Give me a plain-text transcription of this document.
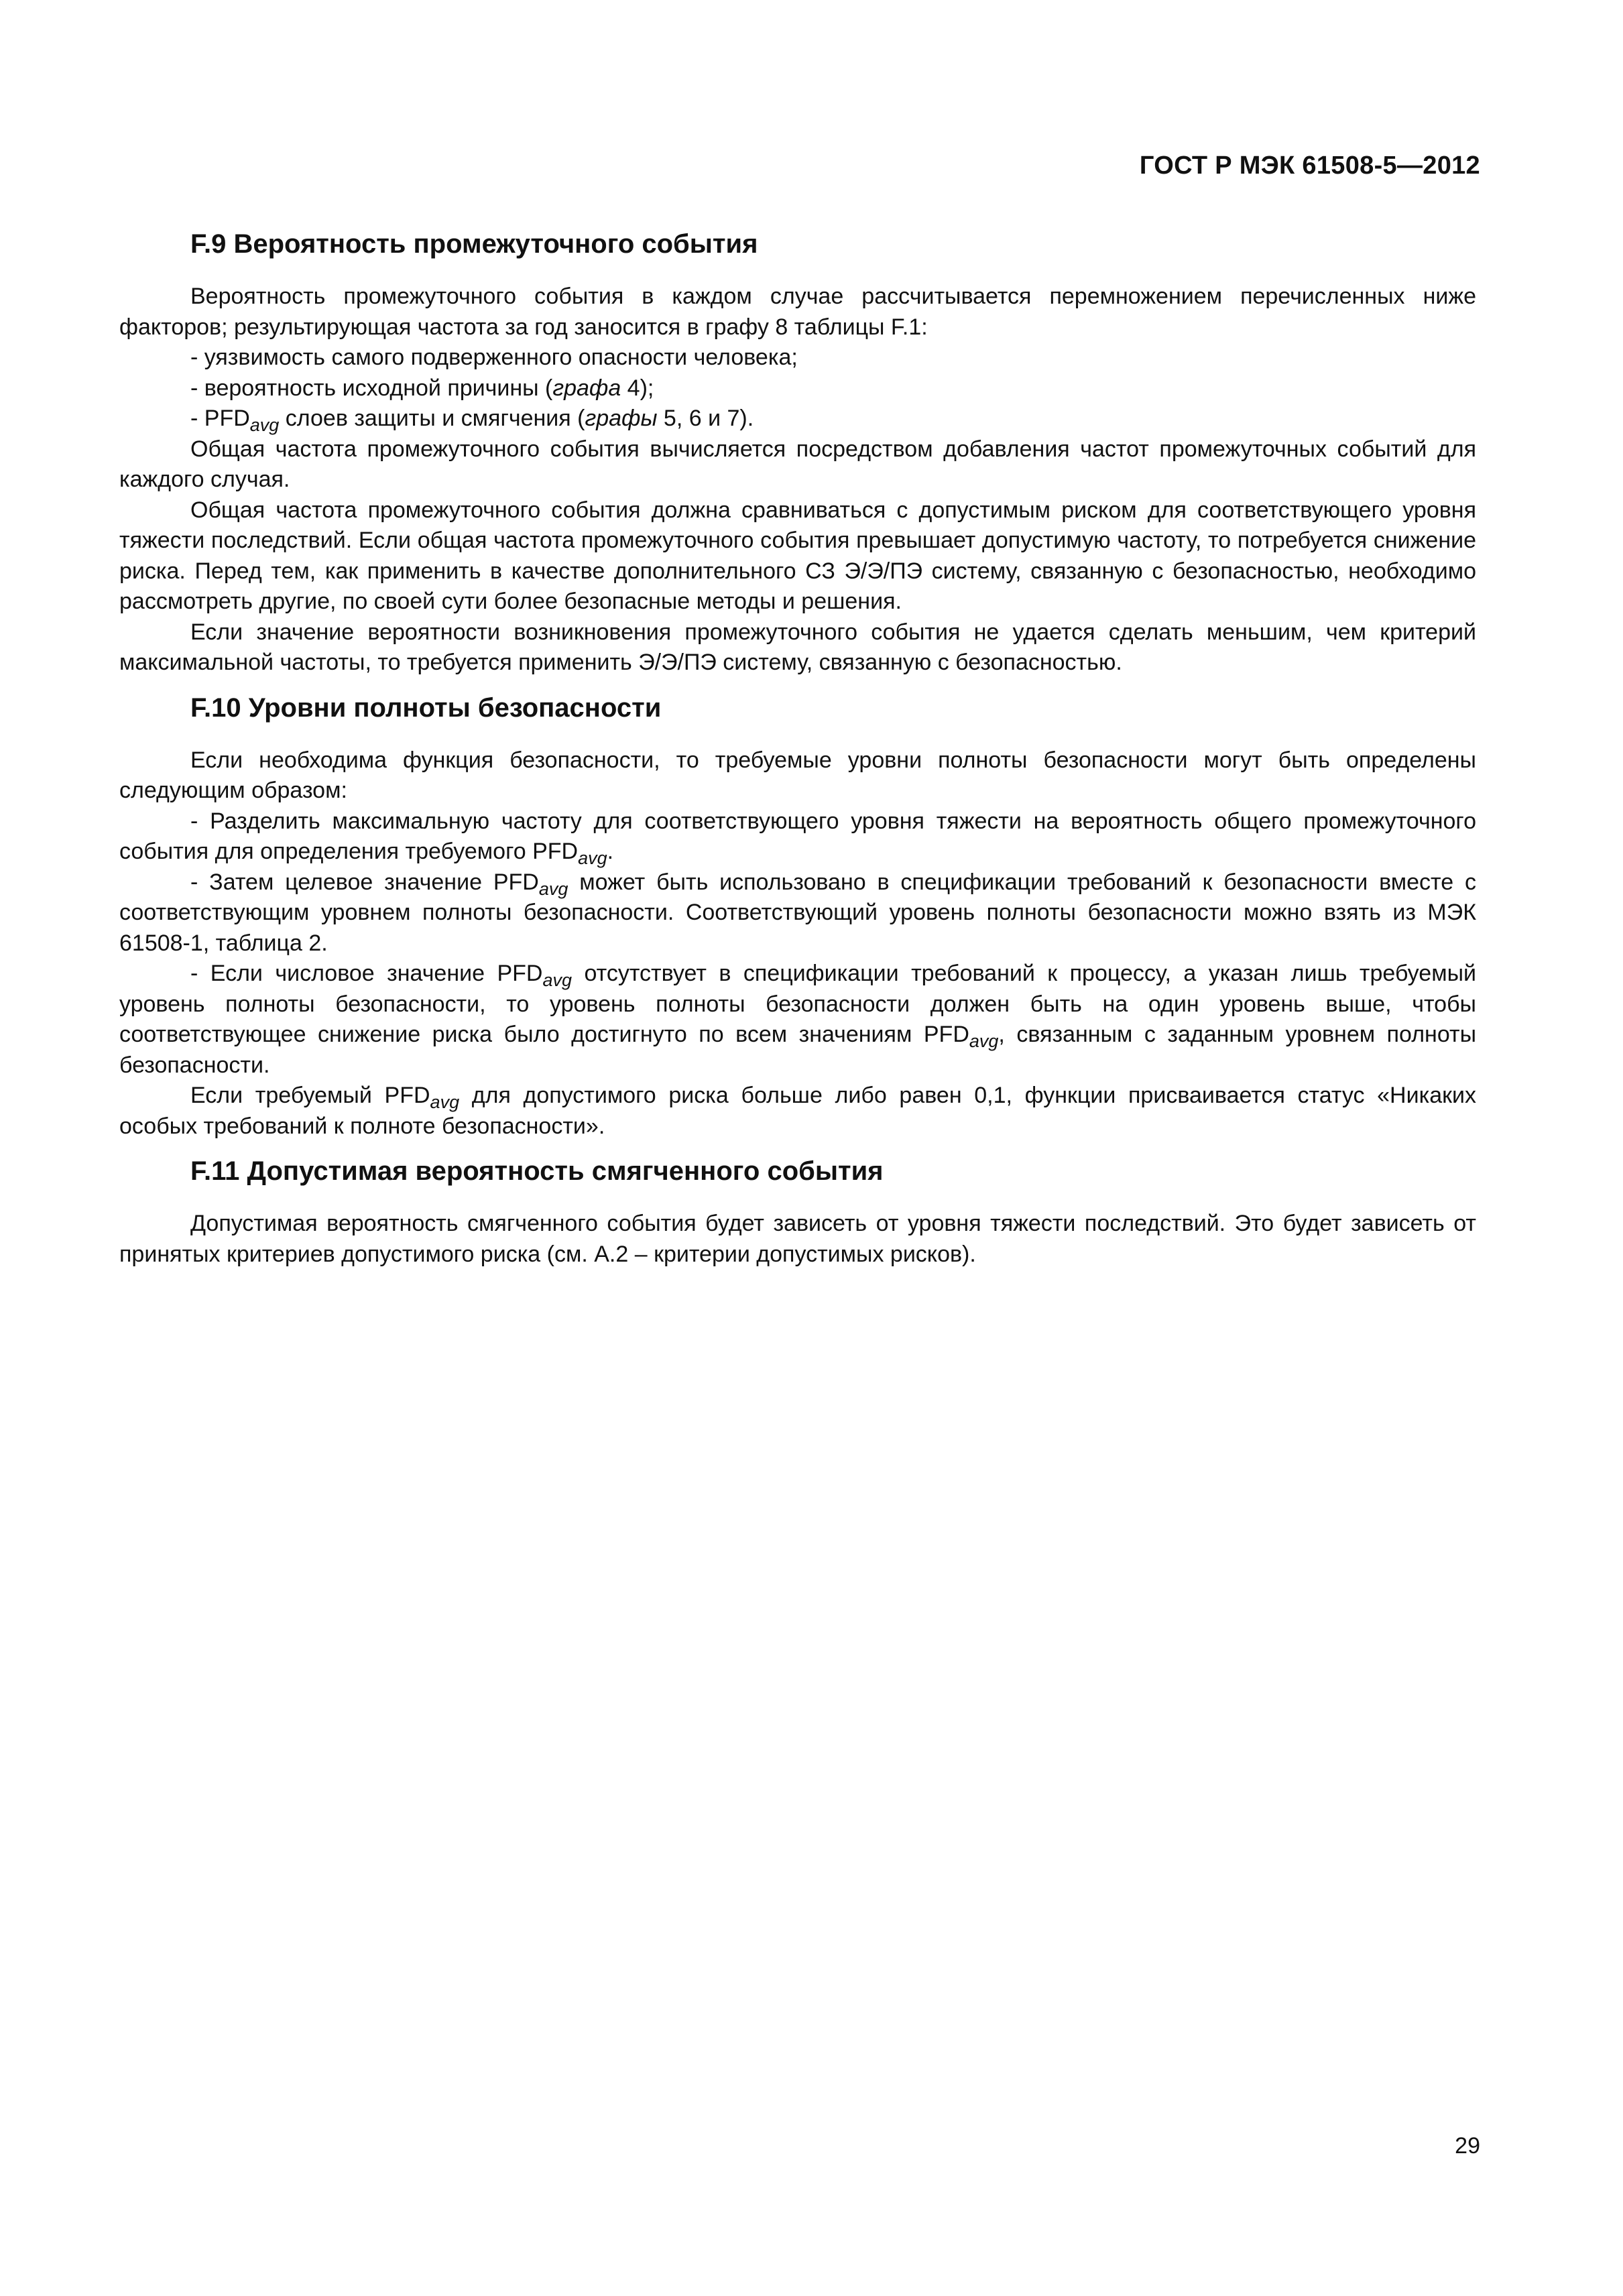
ГОСТ Р МЭК 61508-5—2012
F.9 Вероятность промежуточного события

Вероятность промежуточного события в каждом случае рассчитывается перемножением перечисленных ниже факторов; результирующая частота за год заносится в графу 8 таблицы F.1:

- уязвимость самого подверженного опасности человека;

- вероятность исходной причины (графа 4);

- $PFD_{avg}$ слоев защиты и смягчения (графы 5, 6 и 7).

Общая частота промежуточного события вычисляется посредством добавления частот промежуточных событий для каждого случая.

Общая частота промежуточного события должна сравниваться с допустимым риском для соответствующего уровня тяжести последствий. Если общая частота промежуточного события превышает допустимую частоту, то потребуется снижение риска. Перед тем, как применить в качестве дополнительного СЗ Э/Э/ПЭ систему, связанную с безопасностью, необходимо рассмотреть другие, по своей сути более безопасные методы и решения.

Если значение вероятности возникновения промежуточного события не удается сделать меньшим, чем критерий максимальной частоты, то требуется применить Э/Э/ПЭ систему, связанную с безопасностью.

F.10 Уровни полноты безопасности

Если необходима функция безопасности, то требуемые уровни полноты безопасности могут быть определены следующим образом:

- Разделить максимальную частоту для соответствующего уровня тяжести на вероятность общего промежуточного события для определения требуемого $PFD_{avg}$.

- Затем целевое значение $PFD_{avg}$ может быть использовано в спецификации требований к безопасности вместе с соответствующим уровнем полноты безопасности. Соответствующий уровень полноты безопасности можно взять из МЭК 61508-1, таблица 2.

- Если числовое значение $PFD_{avg}$ отсутствует в спецификации требований к процессу, а указан лишь требуемый уровень полноты безопасности, то уровень полноты безопасности должен быть на один уровень выше, чтобы соответствующее снижение риска было достигнуто по всем значениям $PFD_{avg}$, связанным с заданным уровнем полноты безопасности.

Если требуемый $PFD_{avg}$ для допустимого риска больше либо равен 0,1, функции присваивается статус «Никаких особых требований к полноте безопасности».

F.11 Допустимая вероятность смягченного события

Допустимая вероятность смягченного события будет зависеть от уровня тяжести последствий. Это будет зависеть от принятых критериев допустимого риска (см. А.2 – критерии допустимых рисков).

29
